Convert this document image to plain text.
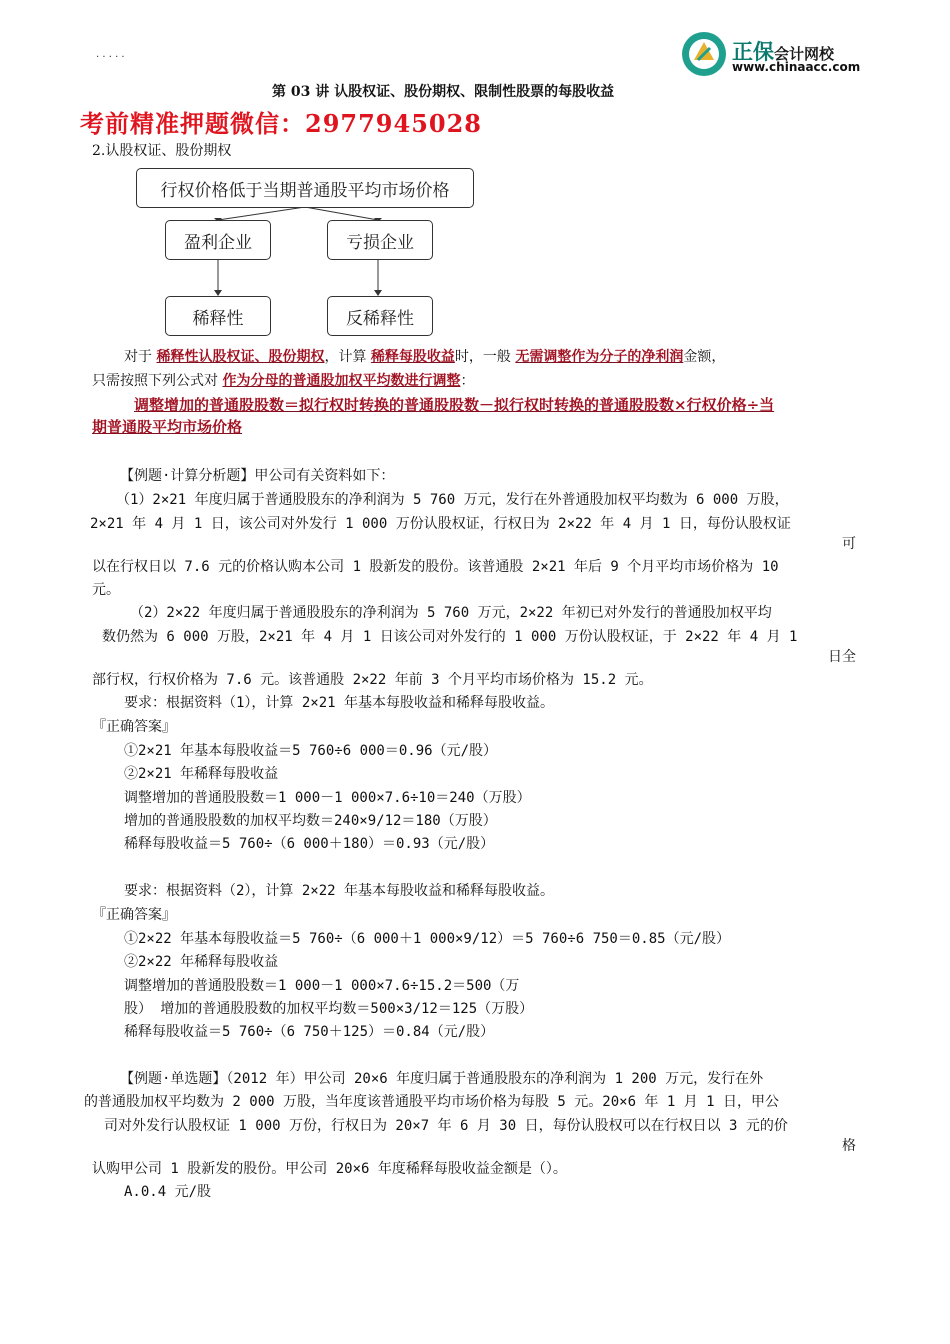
正保会计网校
www.chinaacc.com
· · · · ·
第 03 讲 认股权证、股份期权、限制性股票的每股收益
考前精准押题微信：2977945028
2.认股权证、股份期权
行权价格低于当期普通股平均市场价格
盈利企业	亏损企业
稀释性	反稀释性
对于 稀释性认股权证、股份期权，计算 稀释每股收益时，一般 无需调整作为分子的净利润金额，
只需按照下列公式对 作为分母的普通股加权平均数进行调整：
调整增加的普通股股数＝拟行权时转换的普通股股数－拟行权时转换的普通股股数×行权价格÷当
期普通股平均市场价格
【例题·计算分析题】甲公司有关资料如下：
（1）2×21 年度归属于普通股股东的净利润为 5 760 万元，发行在外普通股加权平均数为 6 000 万股，
2×21 年 4 月 1 日，该公司对外发行 1 000 万份认股权证，行权日为 2×22 年 4 月 1 日，每份认股权证
可
以在行权日以 7.6 元的价格认购本公司 1 股新发的股份。该普通股 2×21 年后 9 个月平均市场价格为 10
元。
（2）2×22 年度归属于普通股股东的净利润为 5 760 万元，2×22 年初已对外发行的普通股加权平均
数仍然为 6 000 万股，2×21 年 4 月 1 日该公司对外发行的 1 000 万份认股权证，于 2×22 年 4 月 1
日全
部行权，行权价格为 7.6 元。该普通股 2×22 年前 3 个月平均市场价格为 15.2 元。
要求：根据资料（1），计算 2×21 年基本每股收益和稀释每股收益。
『正确答案』
①2×21 年基本每股收益＝5 760÷6 000＝0.96（元/股）
②2×21 年稀释每股收益
调整增加的普通股股数＝1 000－1 000×7.6÷10＝240（万股）
增加的普通股股数的加权平均数＝240×9/12＝180（万股）
稀释每股收益＝5 760÷（6 000＋180）＝0.93（元/股）
要求：根据资料（2），计算 2×22 年基本每股收益和稀释每股收益。
『正确答案』
①2×22 年基本每股收益＝5 760÷（6 000＋1 000×9/12）＝5 760÷6 750＝0.85（元/股）
②2×22 年稀释每股收益
调整增加的普通股股数＝1 000－1 000×7.6÷15.2＝500（万
股） 增加的普通股股数的加权平均数＝500×3/12＝125（万股）
稀释每股收益＝5 760÷（6 750＋125）＝0.84（元/股）
【例题·单选题】（2012 年）甲公司 20×6 年度归属于普通股股东的净利润为 1 200 万元，发行在外
的普通股加权平均数为 2 000 万股，当年度该普通股平均市场价格为每股 5 元。20×6 年 1 月 1 日，甲公
司对外发行认股权证 1 000 万份，行权日为 20×7 年 6 月 30 日，每份认股权可以在行权日以 3 元的价
格
认购甲公司 1 股新发的股份。甲公司 20×6 年度稀释每股收益金额是（）。
A.0.4 元/股
